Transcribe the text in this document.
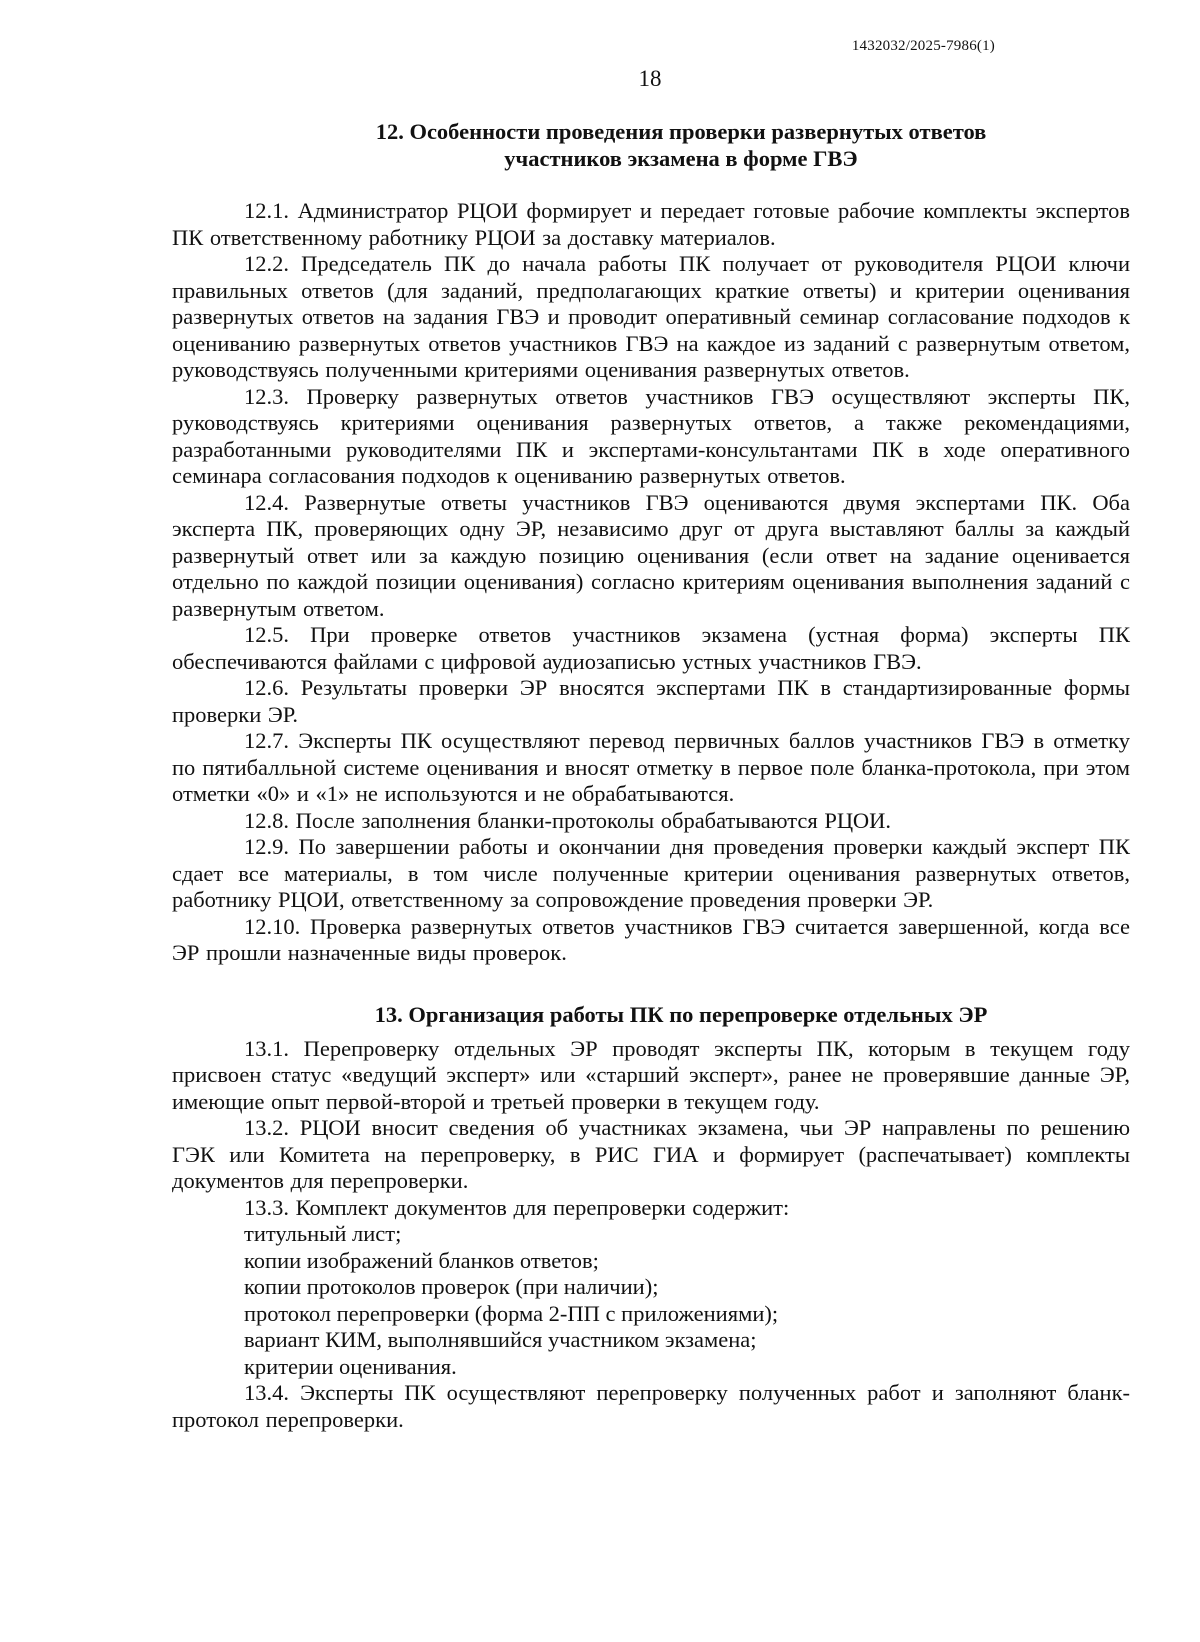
1432032/2025-7986(1)
18
12. Особенности проведения проверки развернутых ответов
участников экзамена в форме ГВЭ

12.1. Администратор РЦОИ формирует и передает готовые рабочие комплекты экспертов ПК ответственному работнику РЦОИ за доставку материалов.

12.2. Председатель ПК до начала работы ПК получает от руководителя РЦОИ ключи правильных ответов (для заданий, предполагающих краткие ответы) и критерии оценивания развернутых ответов на задания ГВЭ и проводит оперативный семинар согласование подходов к оцениванию развернутых ответов участников ГВЭ на каждое из заданий с развернутым ответом, руководствуясь полученными критериями оценивания развернутых ответов.

12.3. Проверку развернутых ответов участников ГВЭ осуществляют эксперты ПК, руководствуясь критериями оценивания развернутых ответов, а также рекомендациями, разработанными руководителями ПК и экспертами-консультантами ПК в ходе оперативного семинара согласования подходов к оцениванию развернутых ответов.

12.4. Развернутые ответы участников ГВЭ оцениваются двумя экспертами ПК. Оба эксперта ПК, проверяющих одну ЭР, независимо друг от друга выставляют баллы за каждый развернутый ответ или за каждую позицию оценивания (если ответ на задание оценивается отдельно по каждой позиции оценивания) согласно критериям оценивания выполнения заданий с развернутым ответом.

12.5. При проверке ответов участников экзамена (устная форма) эксперты ПК обеспечиваются файлами с цифровой аудиозаписью устных участников ГВЭ.

12.6. Результаты проверки ЭР вносятся экспертами ПК в стандартизированные формы проверки ЭР.

12.7. Эксперты ПК осуществляют перевод первичных баллов участников ГВЭ в отметку по пятибалльной системе оценивания и вносят отметку в первое поле бланка-протокола, при этом отметки «0» и «1» не используются и не обрабатываются.

12.8. После заполнения бланки-протоколы обрабатываются РЦОИ.

12.9. По завершении работы и окончании дня проведения проверки каждый эксперт ПК сдает все материалы, в том числе полученные критерии оценивания развернутых ответов, работнику РЦОИ, ответственному за сопровождение проведения проверки ЭР.

12.10. Проверка развернутых ответов участников ГВЭ считается завершенной, когда все ЭР прошли назначенные виды проверок.

13. Организация работы ПК по перепроверке отдельных ЭР

13.1. Перепроверку отдельных ЭР проводят эксперты ПК, которым в текущем году присвоен статус «ведущий эксперт» или «старший эксперт», ранее не проверявшие данные ЭР, имеющие опыт первой-второй и третьей проверки в текущем году.

13.2. РЦОИ вносит сведения об участниках экзамена, чьи ЭР направлены по решению ГЭК или Комитета на перепроверку, в РИС ГИА и формирует (распечатывает) комплекты документов для перепроверки.

13.3. Комплект документов для перепроверки содержит:

титульный лист;
копии изображений бланков ответов;
копии протоколов проверок (при наличии);
протокол перепроверки (форма 2-ПП с приложениями);
вариант КИМ, выполнявшийся участником экзамена;
критерии оценивания.

13.4. Эксперты ПК осуществляют перепроверку полученных работ и заполняют бланк-протокол перепроверки.
